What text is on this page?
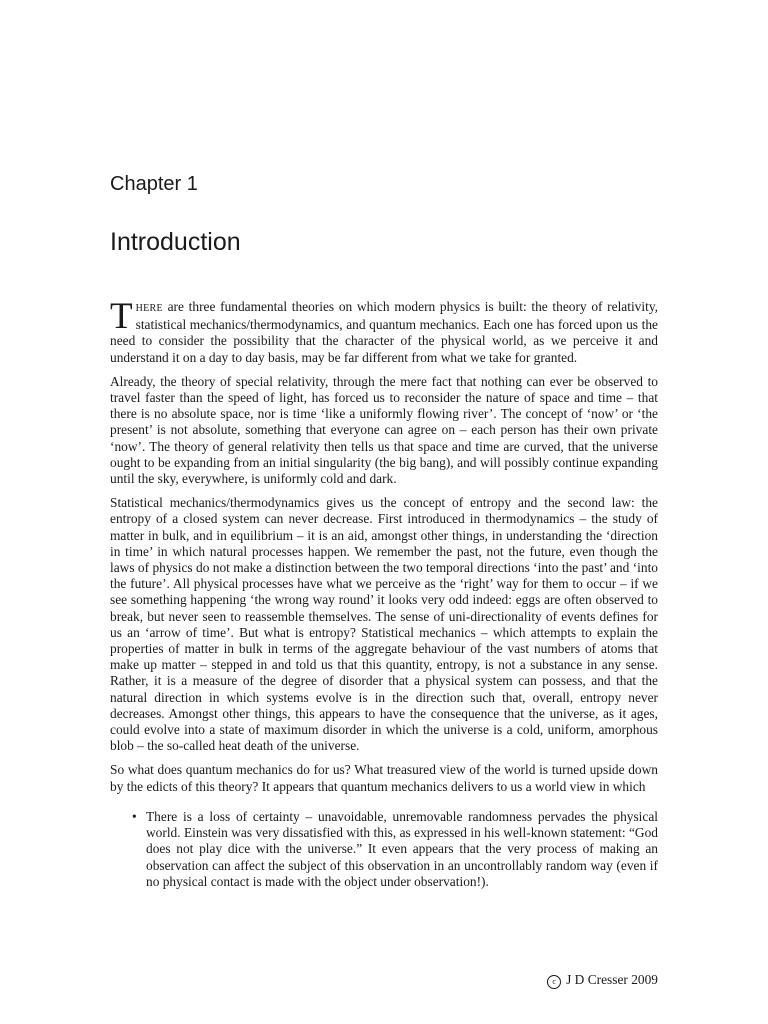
Chapter 1
Introduction

THERE are three fundamental theories on which modern physics is built: the theory of relativity, statistical mechanics/thermodynamics, and quantum mechanics. Each one has forced upon us the need to consider the possibility that the character of the physical world, as we perceive it and understand it on a day to day basis, may be far different from what we take for granted.

Already, the theory of special relativity, through the mere fact that nothing can ever be observed to travel faster than the speed of light, has forced us to reconsider the nature of space and time – that there is no absolute space, nor is time ‘like a uniformly flowing river’. The concept of ‘now’ or ‘the present’ is not absolute, something that everyone can agree on – each person has their own private ‘now’. The theory of general relativity then tells us that space and time are curved, that the universe ought to be expanding from an initial singularity (the big bang), and will possibly continue expanding until the sky, everywhere, is uniformly cold and dark.

Statistical mechanics/thermodynamics gives us the concept of entropy and the second law: the entropy of a closed system can never decrease. First introduced in thermodynamics – the study of matter in bulk, and in equilibrium – it is an aid, amongst other things, in understanding the ‘direction in time’ in which natural processes happen. We remember the past, not the future, even though the laws of physics do not make a distinction between the two temporal directions ‘into the past’ and ‘into the future’. All physical processes have what we perceive as the ‘right’ way for them to occur – if we see something happening ‘the wrong way round’ it looks very odd indeed: eggs are often observed to break, but never seen to reassemble themselves. The sense of uni-directionality of events defines for us an ‘arrow of time’. But what is entropy? Statistical mechanics – which attempts to explain the properties of matter in bulk in terms of the aggregate behaviour of the vast numbers of atoms that make up matter – stepped in and told us that this quantity, entropy, is not a substance in any sense. Rather, it is a measure of the degree of disorder that a physical system can possess, and that the natural direction in which systems evolve is in the direction such that, overall, entropy never decreases. Amongst other things, this appears to have the consequence that the universe, as it ages, could evolve into a state of maximum disorder in which the universe is a cold, uniform, amorphous blob – the so-called heat death of the universe.

So what does quantum mechanics do for us? What treasured view of the world is turned upside down by the edicts of this theory? It appears that quantum mechanics delivers to us a world view in which

• There is a loss of certainty – unavoidable, unremovable randomness pervades the physical world. Einstein was very dissatisfied with this, as expressed in his well-known statement: “God does not play dice with the universe.” It even appears that the very process of making an observation can affect the subject of this observation in an uncontrollably random way (even if no physical contact is made with the object under observation!).
c J D Cresser 2009
